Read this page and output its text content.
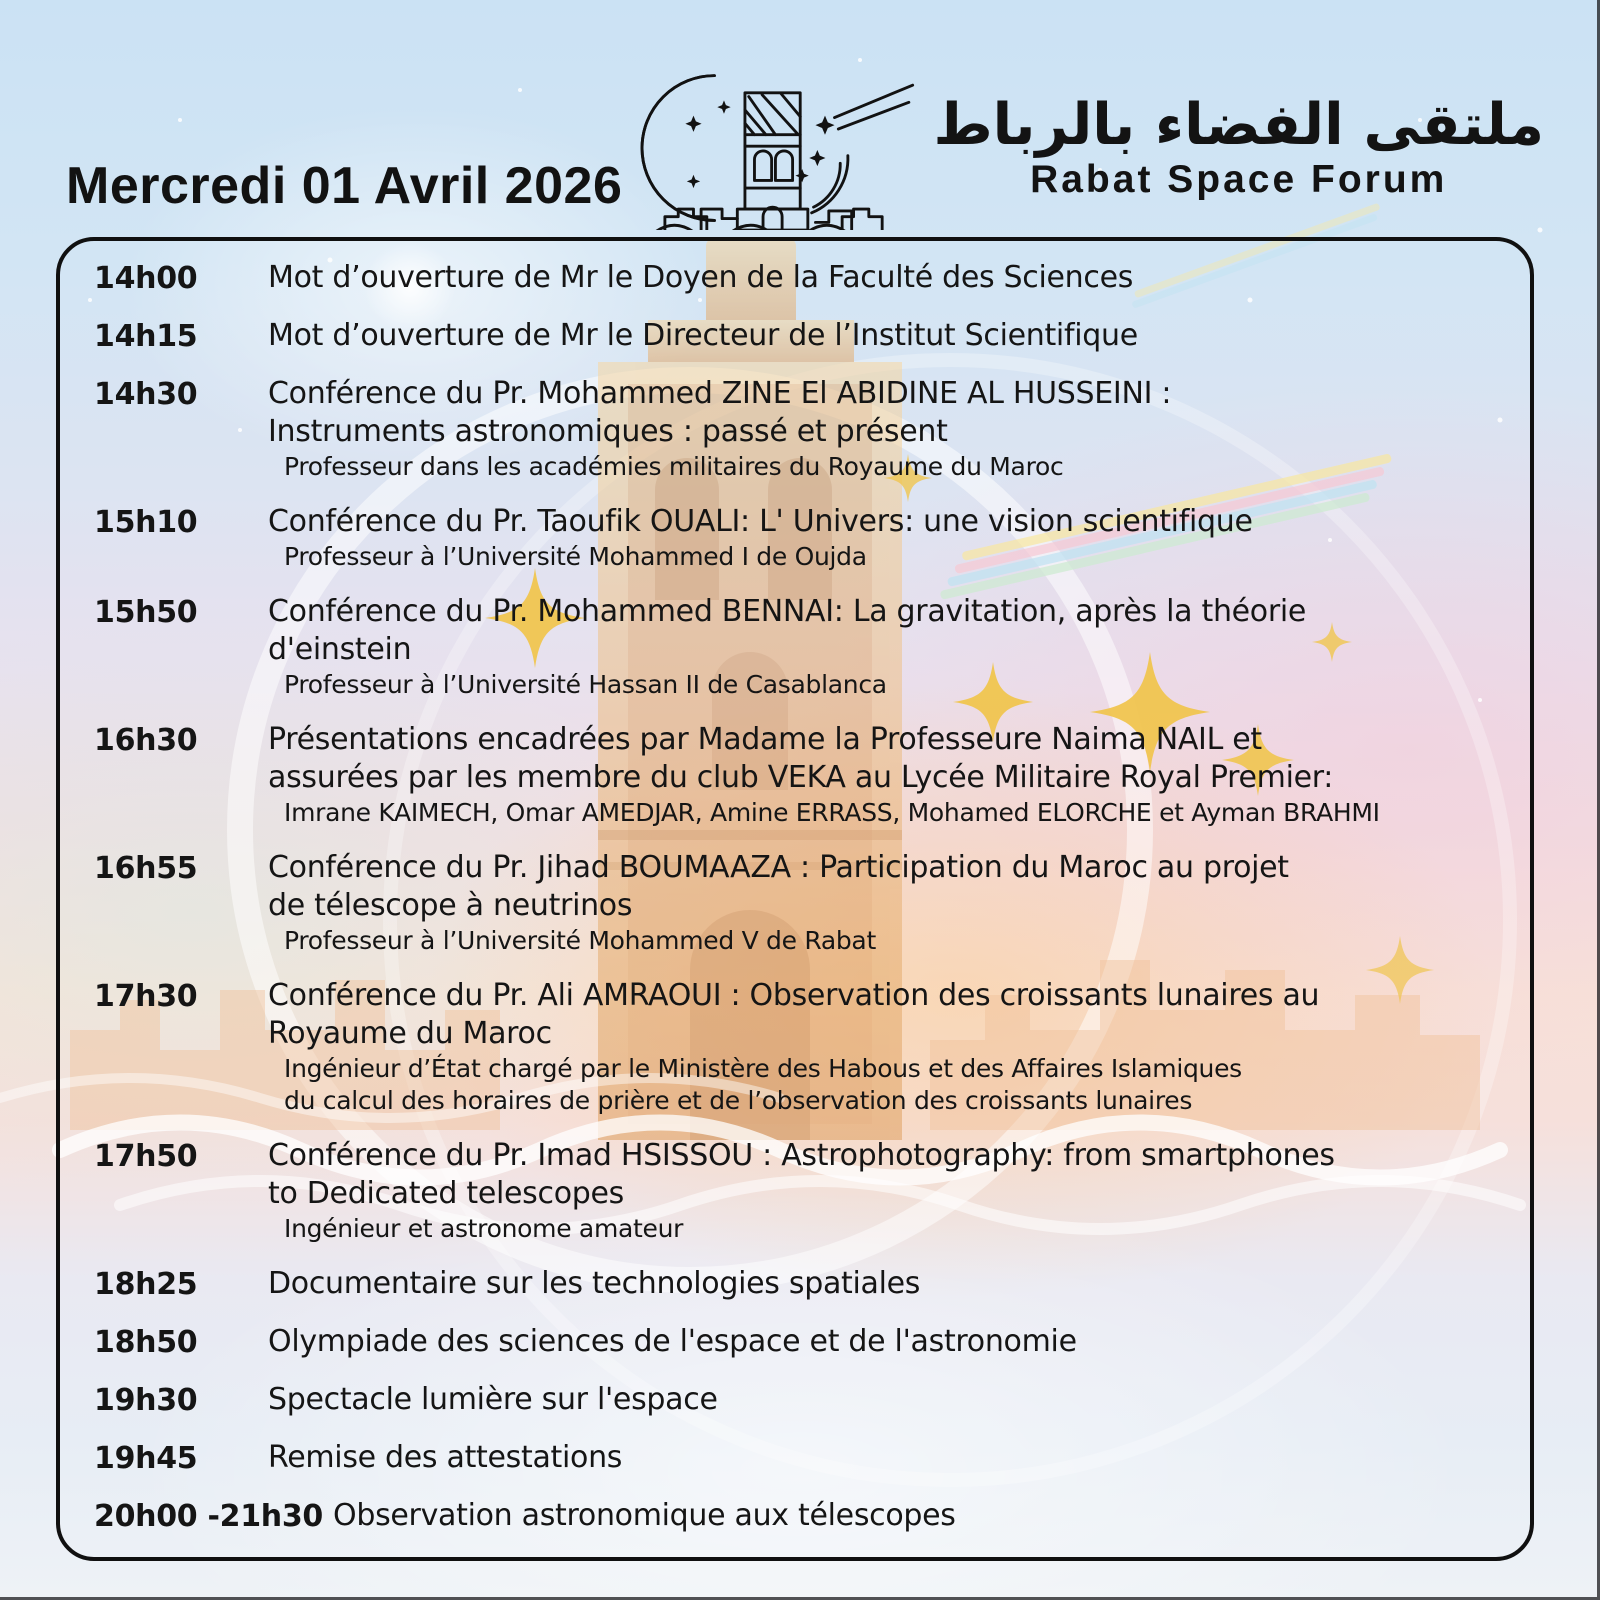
Mercredi 01 Avril 2026
ملتقى الفضاء بالرباط
Rabat Space Forum
14h00	Mot d’ouverture de Mr le Doyen de la Faculté des Sciences
14h15	Mot d’ouverture de Mr le Directeur de l’Institut Scientifique
14h30	Conférence du Pr. Mohammed ZINE El ABIDINE AL HUSSEINI :
Instruments astronomiques : passé et présent
Professeur dans les académies militaires du Royaume du Maroc
15h10	Conférence du Pr. Taoufik OUALI: L' Univers: une vision scientifique
Professeur à l’Université Mohammed I de Oujda
15h50	Conférence du Pr. Mohammed BENNAI: La gravitation, après la théorie
d'einstein
Professeur à l’Université Hassan II de Casablanca
16h30	Présentations encadrées par Madame la Professeure Naima NAIL et
assurées par les membre du club VEKA au Lycée Militaire Royal Premier:
Imrane KAIMECH, Omar AMEDJAR, Amine ERRASS, Mohamed ELORCHE et Ayman BRAHMI
16h55	Conférence du Pr. Jihad BOUMAAZA : Participation du Maroc au projet
de télescope à neutrinos
Professeur à l’Université Mohammed V de Rabat
17h30	Conférence du Pr. Ali AMRAOUI : Observation des croissants lunaires au
Royaume du Maroc
Ingénieur d’État chargé par le Ministère des Habous et des Affaires Islamiques
du calcul des horaires de prière et de l’observation des croissants lunaires
17h50	Conférence du Pr. Imad HSISSOU : Astrophotography: from smartphones
to Dedicated telescopes
Ingénieur et astronome amateur
18h25	Documentaire sur les technologies spatiales
18h50	Olympiade des sciences de l'espace et de l'astronomie
19h30	Spectacle lumière sur l'espace
19h45	Remise des attestations
20h00 -21h30 Observation astronomique aux télescopes
